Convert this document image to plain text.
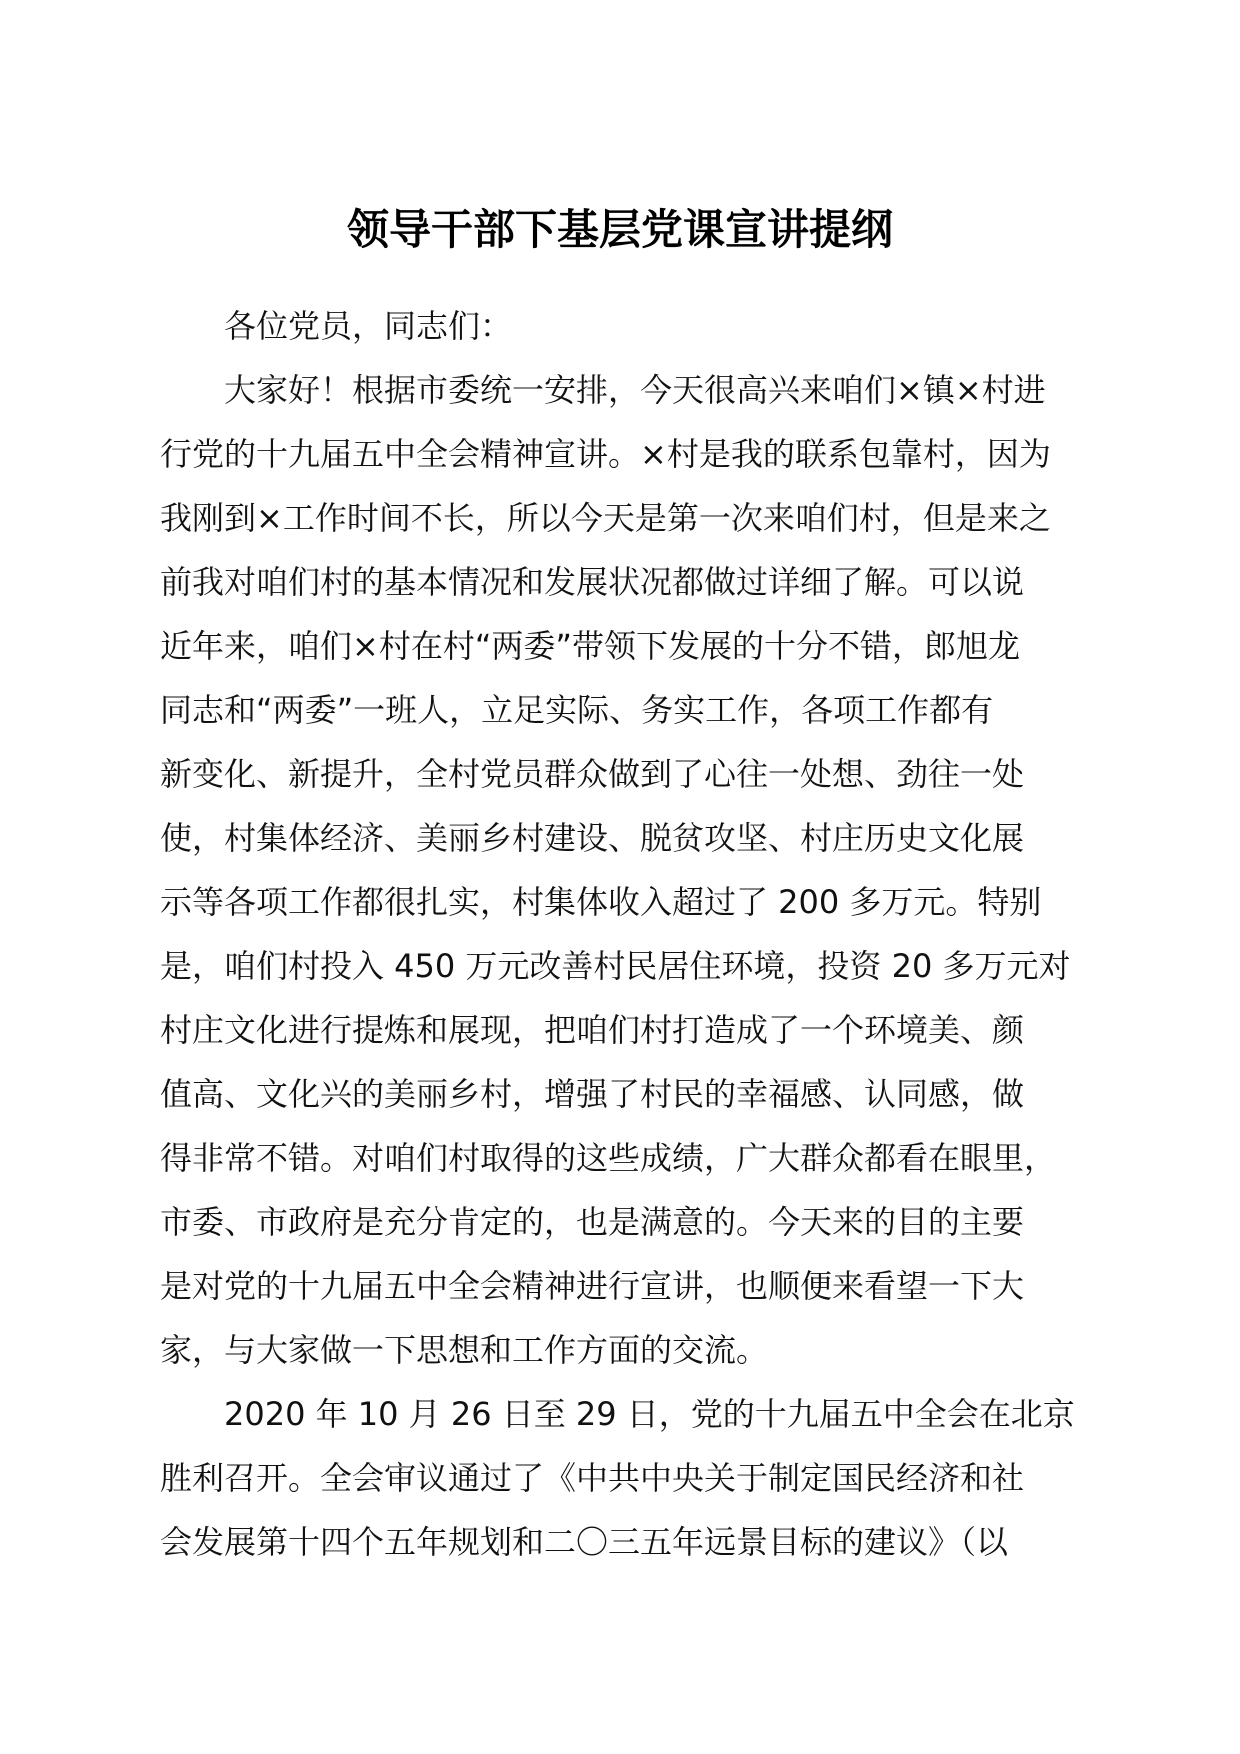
领导干部下基层党课宣讲提纲
各位党员，同志们：
大家好！根据市委统一安排，今天很高兴来咱们×镇×村进
行党的十九届五中全会精神宣讲。×村是我的联系包靠村，因为
我刚到×工作时间不长，所以今天是第一次来咱们村，但是来之
前我对咱们村的基本情况和发展状况都做过详细了解。可以说
近年来，咱们×村在村“两委”带领下发展的十分不错，郎旭龙
同志和“两委”一班人，立足实际、务实工作，各项工作都有
新变化、新提升，全村党员群众做到了心往一处想、劲往一处
使，村集体经济、美丽乡村建设、脱贫攻坚、村庄历史文化展
示等各项工作都很扎实，村集体收入超过了 200 多万元。特别
是，咱们村投入 450 万元改善村民居住环境，投资 20 多万元对
村庄文化进行提炼和展现，把咱们村打造成了一个环境美、颜
值高、文化兴的美丽乡村，增强了村民的幸福感、认同感，做
得非常不错。对咱们村取得的这些成绩，广大群众都看在眼里，
市委、市政府是充分肯定的，也是满意的。今天来的目的主要
是对党的十九届五中全会精神进行宣讲，也顺便来看望一下大
家，与大家做一下思想和工作方面的交流。
2020 年 10 月 26 日至 29 日，党的十九届五中全会在北京
胜利召开。全会审议通过了《中共中央关于制定国民经济和社
会发展第十四个五年规划和二〇三五年远景目标的建议》（以
